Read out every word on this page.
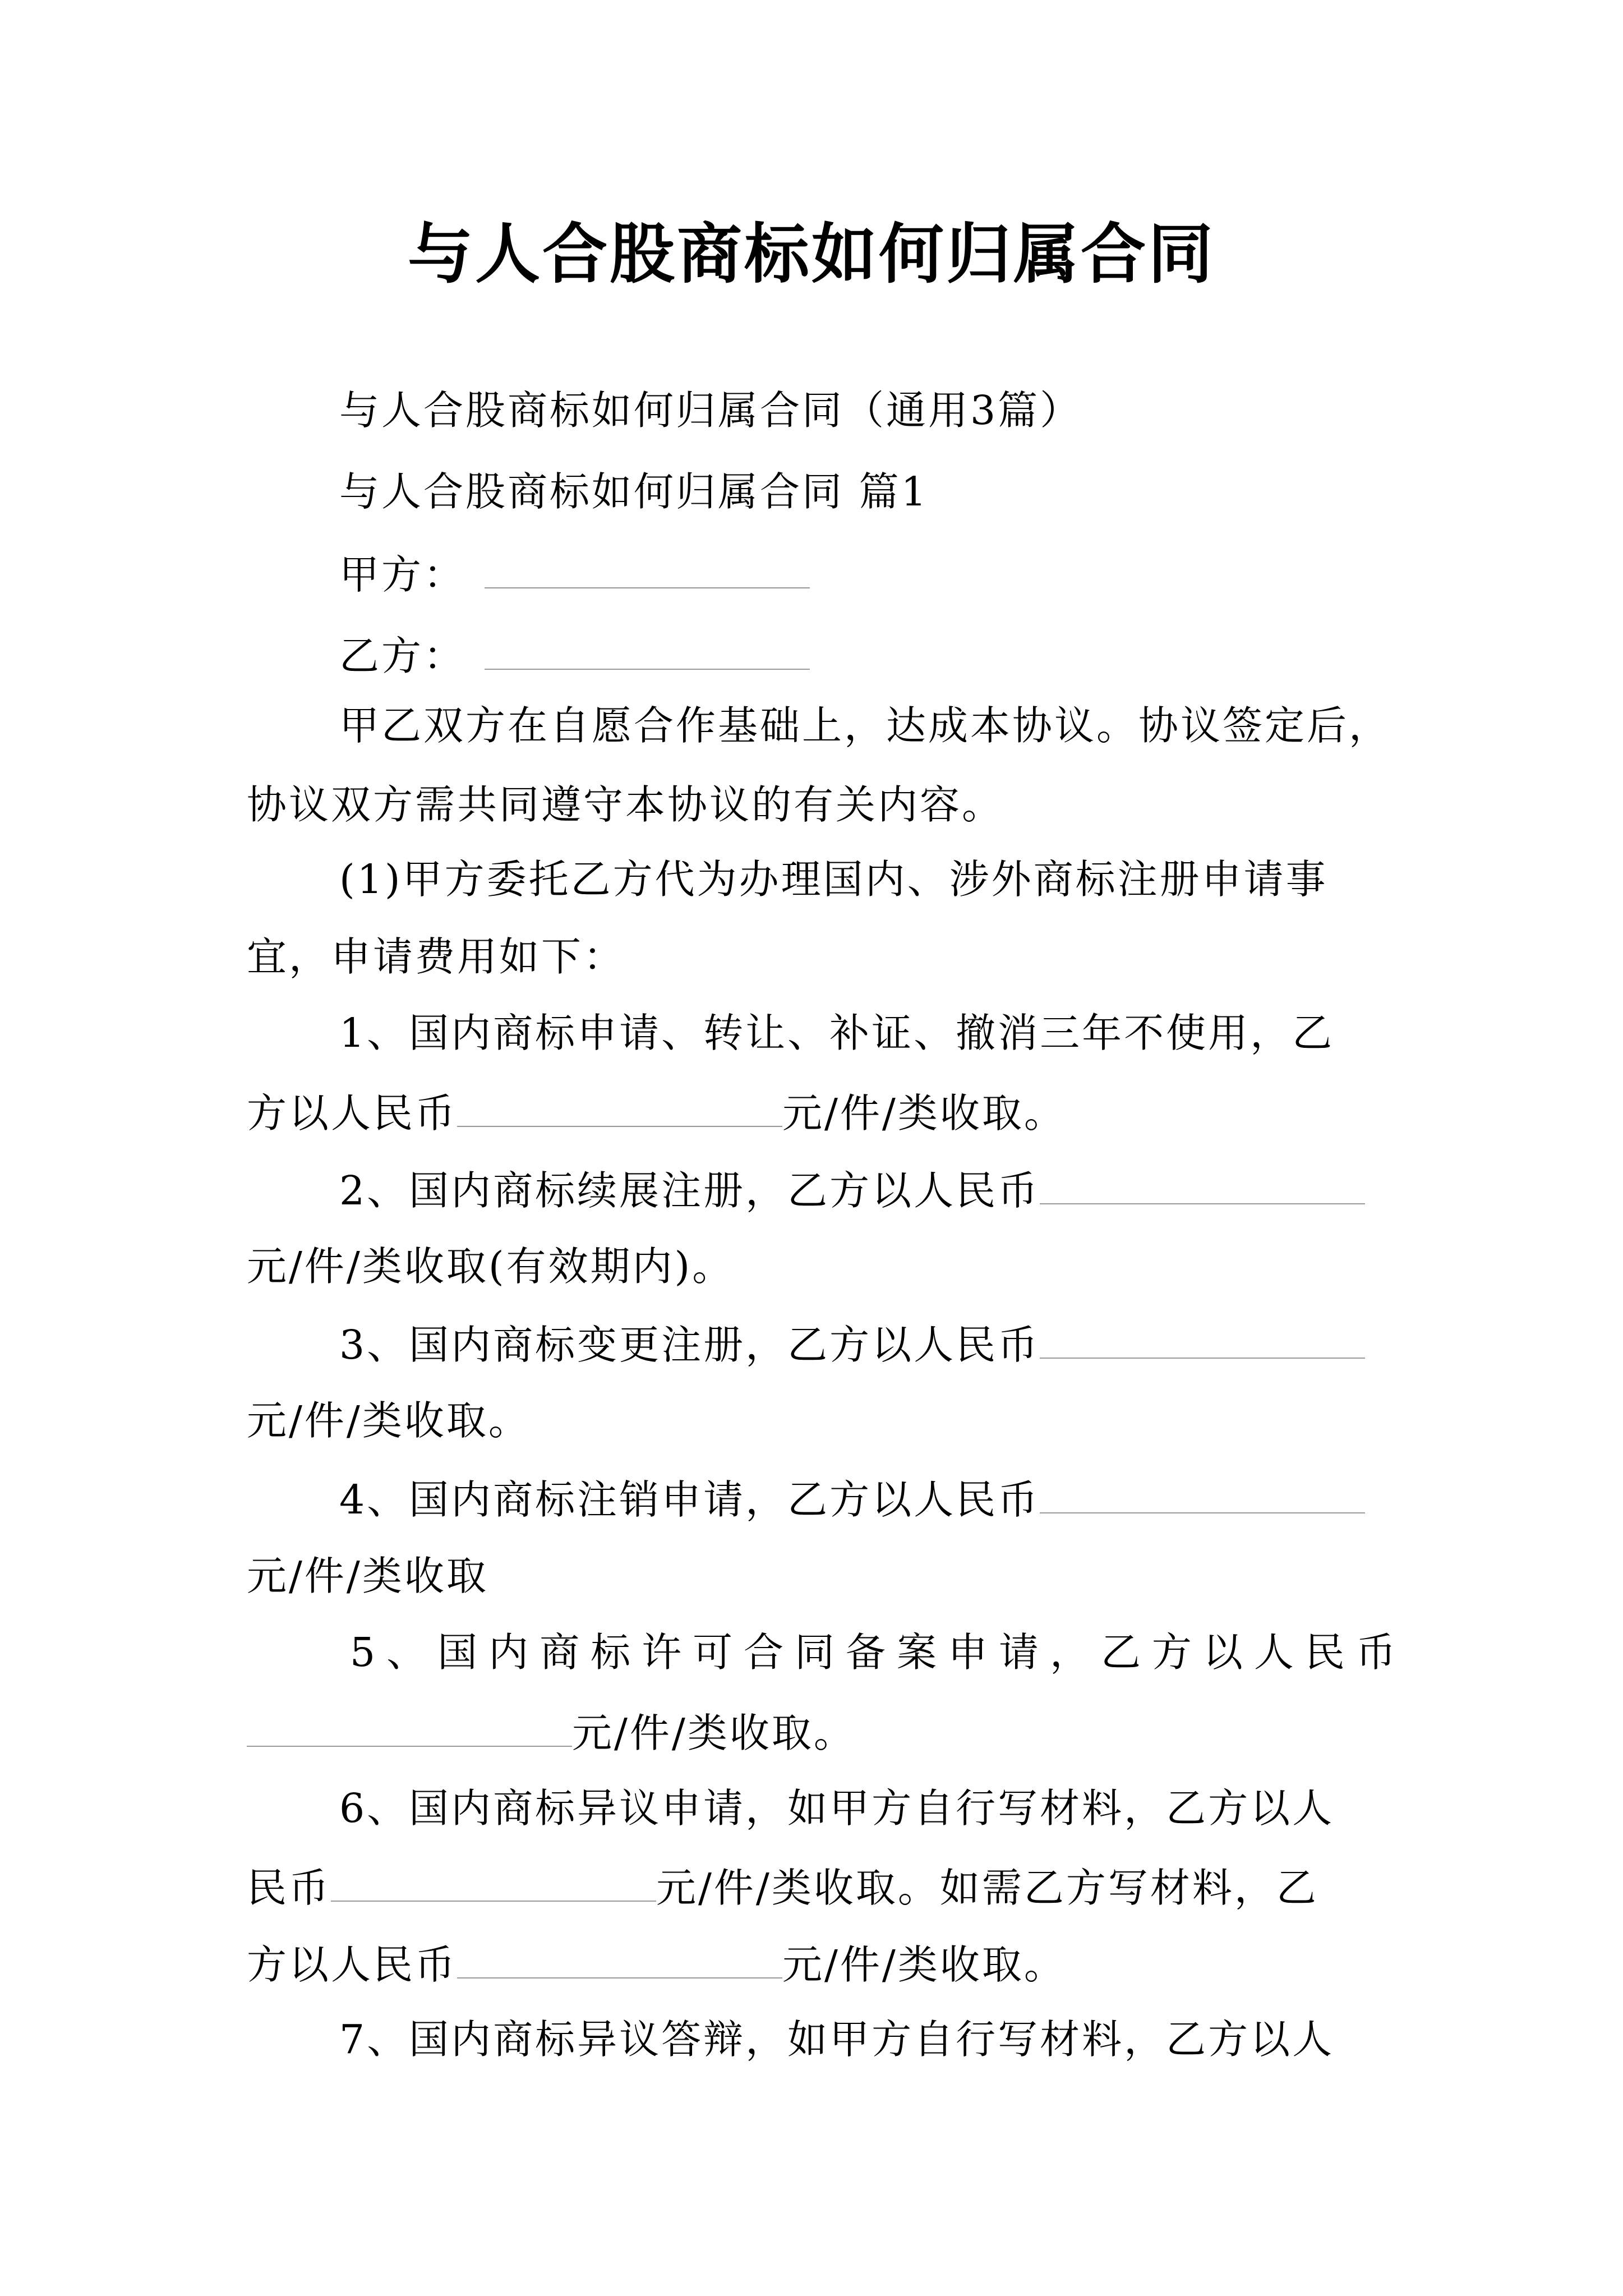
与人合股商标如何归属合同
与人合股商标如何归属合同（通用3篇）
与人合股商标如何归属合同 篇1
甲方：
乙方：
甲乙双方在自愿合作基础上，达成本协议。协议签定后，
协议双方需共同遵守本协议的有关内容。
(1)甲方委托乙方代为办理国内、涉外商标注册申请事
宜，申请费用如下：
1、国内商标申请、转让、补证、撤消三年不使用，乙
方以人民币	元/件/类收取。
2、国内商标续展注册，乙方以人民币
元/件/类收取(有效期内)。
3、国内商标变更注册，乙方以人民币
元/件/类收取。
4、国内商标注销申请，乙方以人民币
元/件/类收取
5 、 国 内 商 标 许 可 合 同 备 案 申 请 ， 乙 方 以 人 民 币
元/件/类收取。
6、国内商标异议申请，如甲方自行写材料，乙方以人
民币	元/件/类收取。如需乙方写材料，乙
方以人民币	元/件/类收取。
7、国内商标异议答辩，如甲方自行写材料，乙方以人
